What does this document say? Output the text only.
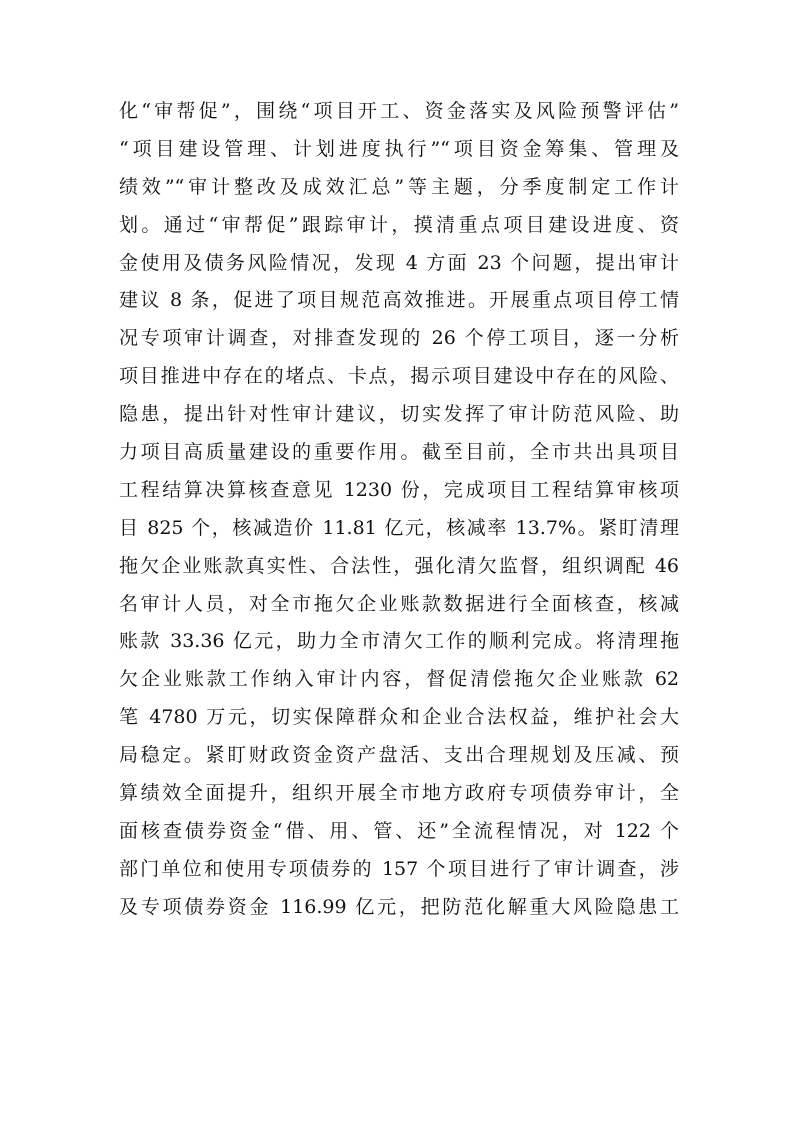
化“审帮促”，围绕“项目开工、资金落实及风险预警评估”
“项目建设管理、计划进度执行”“项目资金筹集、管理及
绩效”“审计整改及成效汇总”等主题，分季度制定工作计
划。通过“审帮促”跟踪审计，摸清重点项目建设进度、资
金使用及债务风险情况，发现 4 方面 23 个问题，提出审计
建议 8 条，促进了项目规范高效推进。开展重点项目停工情
况专项审计调查，对排查发现的 26 个停工项目，逐一分析
项目推进中存在的堵点、卡点，揭示项目建设中存在的风险、
隐患，提出针对性审计建议，切实发挥了审计防范风险、助
力项目高质量建设的重要作用。截至目前，全市共出具项目
工程结算决算核查意见 1230 份，完成项目工程结算审核项
目 825 个，核减造价 11.81 亿元，核减率 13.7%。紧盯清理
拖欠企业账款真实性、合法性，强化清欠监督，组织调配 46
名审计人员，对全市拖欠企业账款数据进行全面核查，核减
账款 33.36 亿元，助力全市清欠工作的顺利完成。将清理拖
欠企业账款工作纳入审计内容，督促清偿拖欠企业账款 62
笔 4780 万元，切实保障群众和企业合法权益，维护社会大
局稳定。紧盯财政资金资产盘活、支出合理规划及压减、预
算绩效全面提升，组织开展全市地方政府专项债券审计，全
面核查债券资金“借、用、管、还”全流程情况，对 122 个
部门单位和使用专项债券的 157 个项目进行了审计调查，涉
及专项债券资金 116.99 亿元，把防范化解重大风险隐患工
